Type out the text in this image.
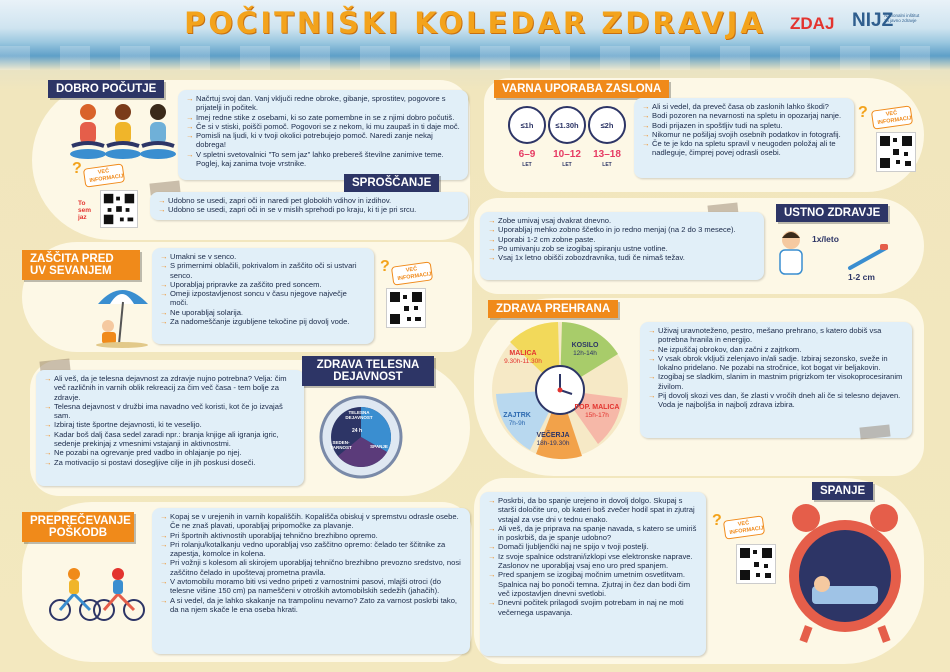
POČITNIŠKI KOLEDAR ZDRAVJA	ZDAJ NIJZ
Nacionalni inštitut za javno zdravje
DOBRO POČUTJE
→ Načrtuj svoj dan. Vanj vključi redne obroke, gibanje, sprostitev, pogovore s prijatelji in počitek.
→ Imej redne stike z osebami, ki so zate pomembne in se z njimi dobro počutiš.
→ Če si v stiski, poišči pomoč. Pogovori se z nekom, ki mu zaupaš in ti daje moč.
→ Pomisli na ljudi, ki v tvoji okolici potrebujejo pomoč. Naredi zanje nekaj dobrega!
→ V spletni svetovalnici "To sem jaz" lahko prebereš številne zanimive teme. Poglej, kaj zanima tvoje vrstnike.
?	VEČ INFORMACIJ
To sem jaz
SPROŠČANJE
→ Udobno se usedi, zapri oči in naredi pet globokih vdihov in izdihov.
→ Udobno se usedi, zapri oči in se v mislih sprehodi po kraju, ki ti je pri srcu.
ZAŠČITA PRED
UV SEVANJEM
→ Umakni se v senco.
→ S primernimi oblačili, pokrivalom in zaščito oči si ustvari senco.
→ Uporabljaj pripravke za zaščito pred soncem.
→ Omeji izpostavljenost soncu v času njegove največje moči.
→ Ne uporabljaj solarija.
→ Za nadomeščanje izgubljene tekočine pij dovolj vode.
?	VEČ INFORMACIJ
→ Ali veš, da je telesna dejavnost za zdravje nujno potrebna? Velja: čim več različnih in varnih oblik rekreacij za čim več časa - tem bolje za zdravje.
→ Telesna dejavnost v družbi ima navadno več koristi, kot če jo izvajaš sam.
→ Izbiraj tiste športne dejavnosti, ki te veselijo.
→ Kadar boš dalj časa sedel zaradi npr.: branja knjige ali igranja igric, sedenje prekinjaj z vmesnimi vstajanji in aktivnostmi.
→ Ne pozabi na ogrevanje pred vadbo in ohlajanje po njej.
→ Za motivacijo si postavi dosegljive cilje in jih poskusi doseči.
ZDRAVA TELESNA
DEJAVNOST
TELESNA DEJAVNOST
SEDEN-TARNOST	SPANJE
24 h
PREPREČEVANJE
POŠKODB
→ Kopaj se v urejenih in varnih kopališčih. Kopališča obiskuj v spremstvu odrasle osebe. Če ne znaš plavati, uporabljaj pripomočke za plavanje.
→ Pri športnih aktivnostih uporabljaj tehnično brezhibno opremo.
→ Pri rolanju/kotalkanju vedno uporabljaj vso zaščitno opremo: čelado ter ščitnike za zapestja, komolce in kolena.
→ Pri vožnji s kolesom ali skirojem uporabljaj tehnično brezhibno prevozno sredstvo, nosi zaščitno čelado in upoštevaj prometna pravila.
→ V avtomobilu moramo biti vsi vedno pripeti z varnostnimi pasovi, mlajši otroci (do telesne višine 150 cm) pa nameščeni v otroških avtomobilskih sedežih (jahačih).
→ A si vedel, da je lahko skakanje na trampolinu nevarno? Zato za varnost poskrbi tako, da na njem skače le ena oseba hkrati.
VARNA UPORABA ZASLONA
≤1h	≤1.30h	≤2h
6–9
LET
10–12
LET
13–18
LET
→ Ali si vedel, da preveč časa ob zaslonih lahko škodi?
→ Bodi pozoren na nevarnosti na spletu in opozarjaj nanje.
→ Bodi prijazen in spoštljiv tudi na spletu.
→ Nikomur ne pošiljaj svojih osebnih podatkov in fotografij.
→ Če te je kdo na spletu spravil v neugoden položaj ali te nadleguje, čimprej povej odrasli osebi.
?	VEČ INFORMACIJ
→ Zobe umivaj vsaj dvakrat dnevno.
→ Uporabljaj mehko zobno ščetko in jo redno menjaj (na 2 do 3 mesece).
→ Uporabi 1-2 cm zobne paste.
→ Po umivanju zob se izogibaj spiranju ustne votline.
→ Vsaj 1x letno obišči zobozdravnika, tudi če nimaš težav.
USTNO ZDRAVJE
1x/leto
1-2 cm
ZDRAVA PREHRANA
MALICA
9.30h-11.30h
KOSILO
12h-14h
ZAJTRK
7h-9h
POP. MALICA
15h-17h
VEČERJA
18h-19.30h
→ Uživaj uravnoteženo, pestro, mešano prehrano, s katero dobiš vsa potrebna hranila in energijo.
→ Ne izpuščaj obrokov, dan začni z zajtrkom.
→ V vsak obrok vključi zelenjavo in/ali sadje. Izbiraj sezonsko, sveže in lokalno pridelano. Ne pozabi na stročnice, kot bogat vir beljakovin.
→ Izogibaj se sladkim, slanim in mastnim prigrizkom ter visokoprocesiranim živilom.
→ Pij dovolj skozi ves dan, še zlasti v vročih dneh ali če si telesno dejaven. Voda je najboljša in najbolj zdrava izbira.
→ Poskrbi, da bo spanje urejeno in dovolj dolgo. Skupaj s starši določite uro, ob kateri boš zvečer hodil spat in zjutraj vstajal za vse dni v tednu enako.
→ Ali veš, da je priprava na spanje navada, s katero se umiriš in poskrbiš, da je spanje udobno?
→ Domači ljubljenčki naj ne spijo v tvoji postelji.
→ Iz svoje spalnice odstrani/izklopi vse elektronske naprave. Zaslonov ne uporabljaj vsaj eno uro pred spanjem.
→ Pred spanjem se izogibaj močnim umetnim osvetlitvam. Spalnica naj bo ponoči temna. Zjutraj in čez dan bodi čim več izpostavljen dnevni svetlobi.
→ Dnevni počitek prilagodi svojim potrebam in naj ne moti večernega uspavanja.
SPANJE
?	VEČ INFORMACIJ
